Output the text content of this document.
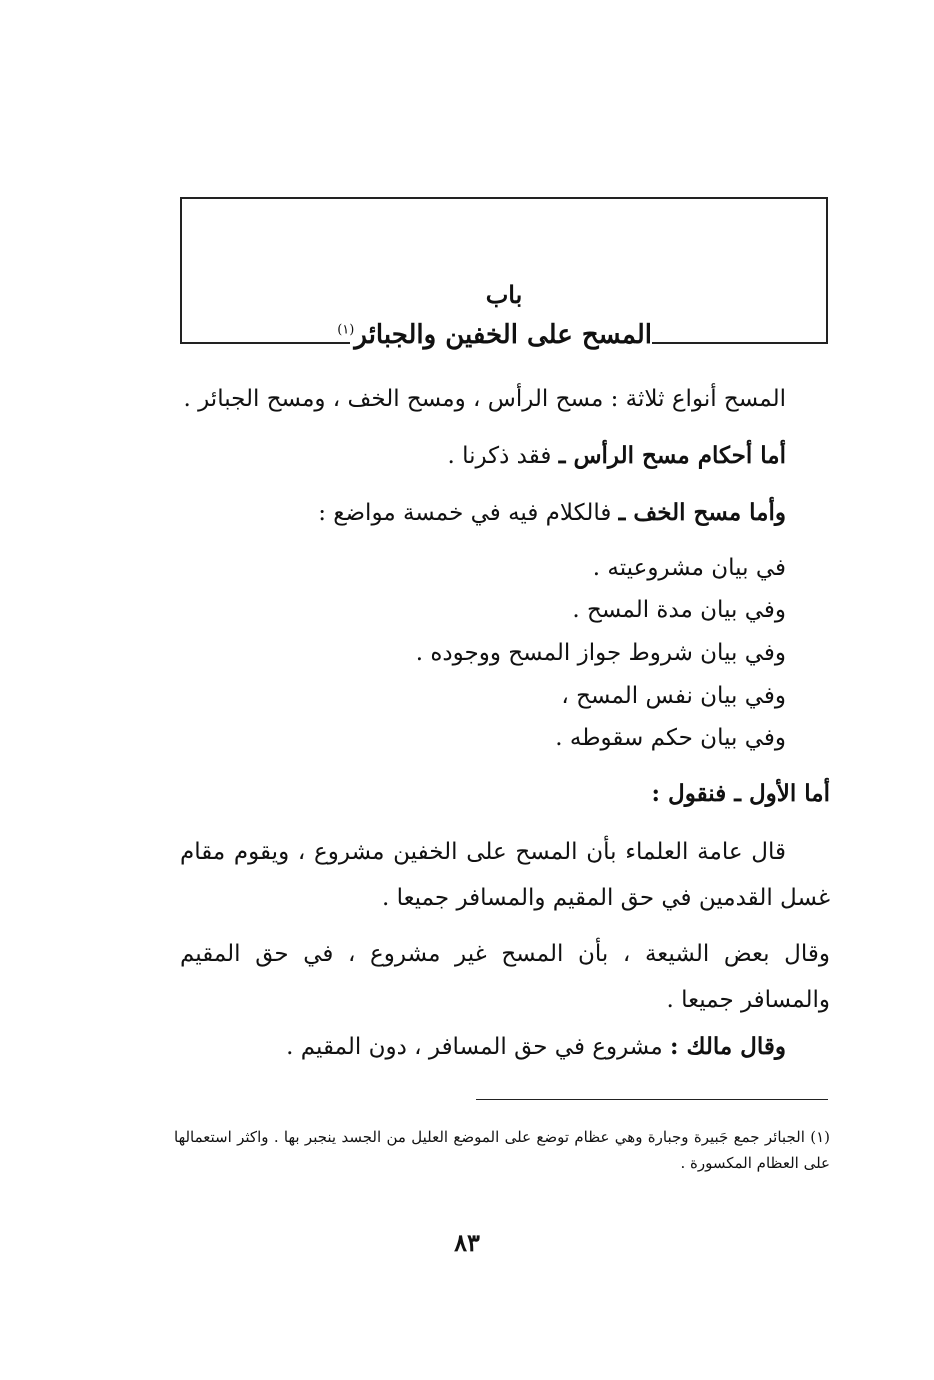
باب
المسح على الخفين والجبائر$^{(١)}$
المسح أنواع ثلاثة : مسح الرأس ، ومسح الخف ، ومسح الجبائر .
أما أحكام مسح الرأس ـ فقد ذكرنا .
وأما مسح الخف ـ فالكلام فيه في خمسة مواضع :
في بيان مشروعيته .
وفي بيان مدة المسح .
وفي بيان شروط جواز المسح ووجوده .
وفي بيان نفس المسح ،
وفي بيان حكم سقوطه .
أما الأول ـ فنقول :
قال عامة العلماء بأن المسح على الخفين مشروع ، ويقوم مقام غسل القدمين في حق المقيم والمسافر جميعا .
وقال بعض الشيعة ، بأن المسح غير مشروع ، في حق المقيم والمسافر جميعا .
وقال مالك : مشروع في حق المسافر ، دون المقيم .
(١) الجبائر جمع جَبيرة وجبارة وهي عظام توضع على الموضع العليل من الجسد ينجبر بها . واكثر استعمالها على العظام المكسورة .
٨٣
